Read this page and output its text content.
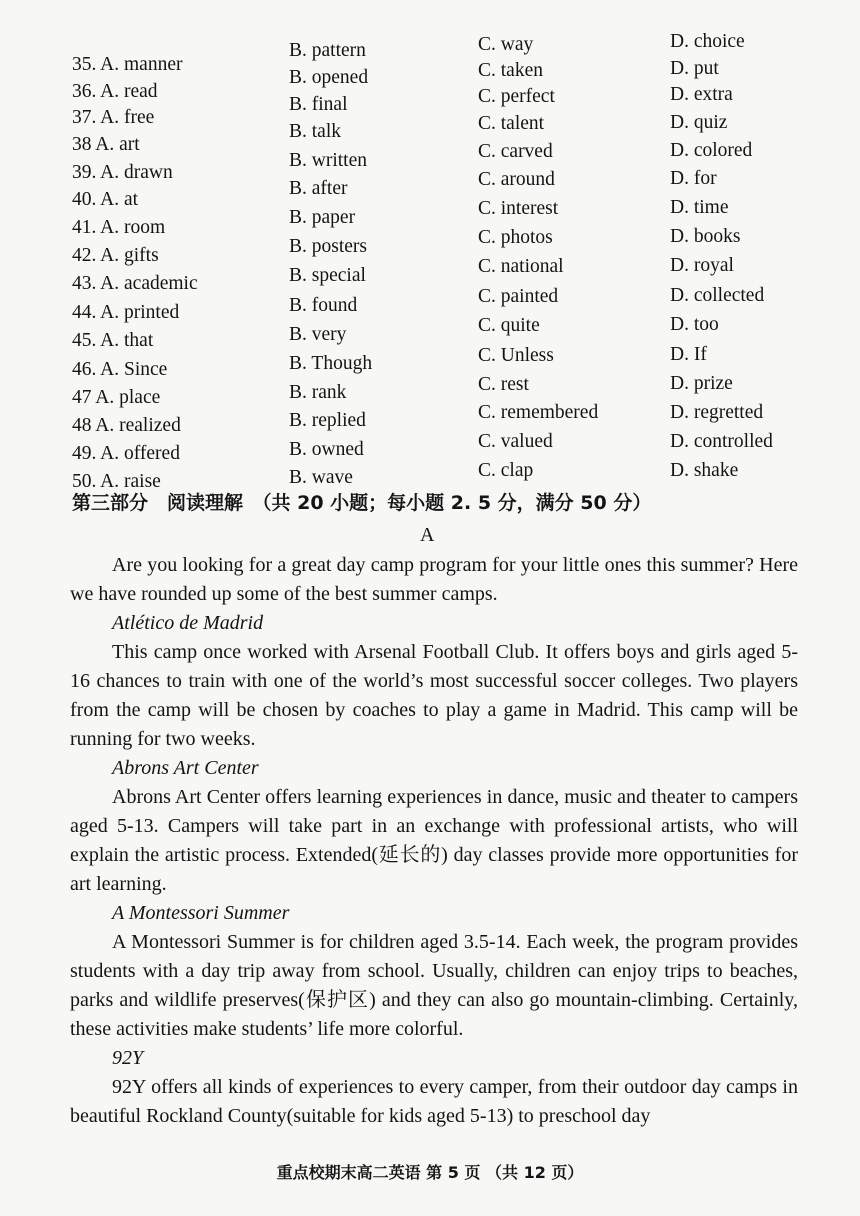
35. A. manner
B. pattern	C. way	D. choice
36. A. read
B. opened	C. taken	D. put
37. A. free
B. final	C. perfect	D. extra
38 A. art
B. talk	C. talent	D. quiz
39. A. drawn
B. written	C. carved	D. colored
40. A. at
B. after	C. around	D. for
41. A. room	B. paper	C. interest	D. time
42. A. gifts	B. posters	C. photos	D. books
43. A. academic	B. special	C. national	D. royal
44. A. printed	B. found	C. painted	D. collected
45. A. that	B. very	C. quite	D. too
46. A. Since	B. Though	C. Unless	D. If
47 A. place	B. rank	C. rest	D. prize
48 A. realized	B. replied	C. remembered	D. regretted
49. A. offered	B. owned	C. valued	D. controlled
50. A. raise	B. wave	C. clap	D. shake
第三部分　阅读理解　（共 20 小题；每小题 2. 5 分，满分 50 分）
A

Are you looking for a great day camp program for your little ones this summer? Here we have rounded up some of the best summer camps.

Atlético de Madrid

This camp once worked with Arsenal Football Club. It offers boys and girls aged 5-16 chances to train with one of the world’s most successful soccer colleges. Two players from the camp will be chosen by coaches to play a game in Madrid. This camp will be running for two weeks.

Abrons Art Center

Abrons Art Center offers learning experiences in dance, music and theater to campers aged 5-13. Campers will take part in an exchange with professional artists, who will explain the artistic process. Extended(延长的) day classes provide more opportunities for art learning.

A Montessori Summer

A Montessori Summer is for children aged 3.5-14. Each week, the program provides students with a day trip away from school. Usually, children can enjoy trips to beaches, parks and wildlife preserves(保护区) and they can also go mountain-climbing. Certainly, these activities make students’ life more colorful.

92Y

92Y offers all kinds of experiences to every camper, from their outdoor day camps in beautiful Rockland County(suitable for kids aged 5-13) to preschool day

重点校期末高二英语 第 5 页 （共 12 页）
